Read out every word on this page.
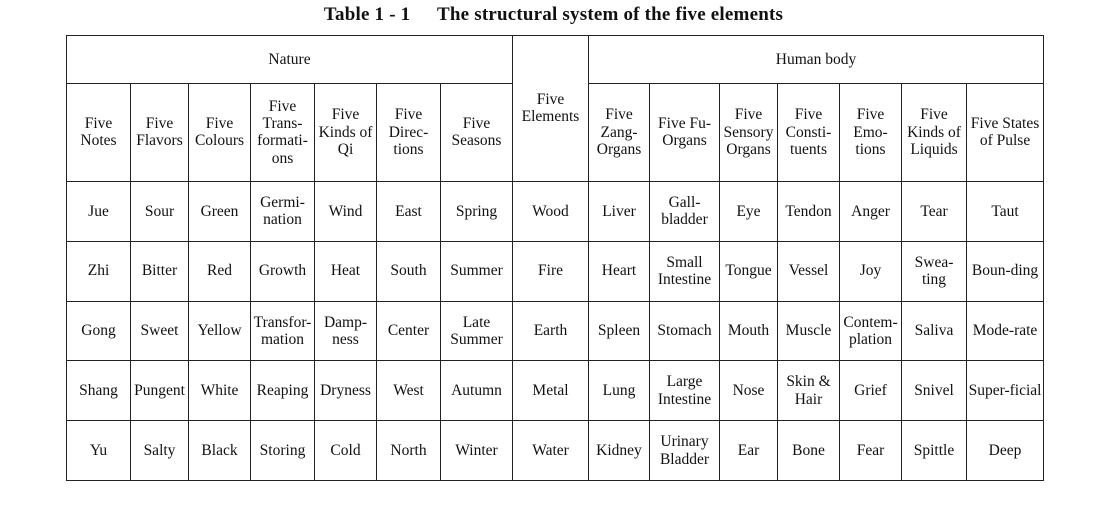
Table 1 - 1 The structural system of the five elements
Nature							Five Elements	Human body						
Five Notes	Five Flavors	Five Colours	Five Trans-formati-ons	Five Kinds of Qi	Five Direc-tions	Five Seasons		Five Zang-Organs	Five Fu-Organs	Five Sensory Organs	Five Consti-tuents	Five Emo-tions	Five Kinds of Liquids	Five States of Pulse
Jue	Sour	Green	Germi-nation	Wind	East	Spring	Wood	Liver	Gall-bladder	Eye	Tendon	Anger	Tear	Taut
Zhi	Bitter	Red	Growth	Heat	South	Summer	Fire	Heart	Small Intestine	Tongue	Vessel	Joy	Swea-ting	Boun-ding
Gong	Sweet	Yellow	Transfor-mation	Damp-ness	Center	Late Summer	Earth	Spleen	Stomach	Mouth	Muscle	Contem-plation	Saliva	Mode-rate
Shang	Pungent	White	Reaping	Dryness	West	Autumn	Metal	Lung	Large Intestine	Nose	Skin & Hair	Grief	Snivel	Super-ficial
Yu	Salty	Black	Storing	Cold	North	Winter	Water	Kidney	Urinary Bladder	Ear	Bone	Fear	Spittle	Deep
